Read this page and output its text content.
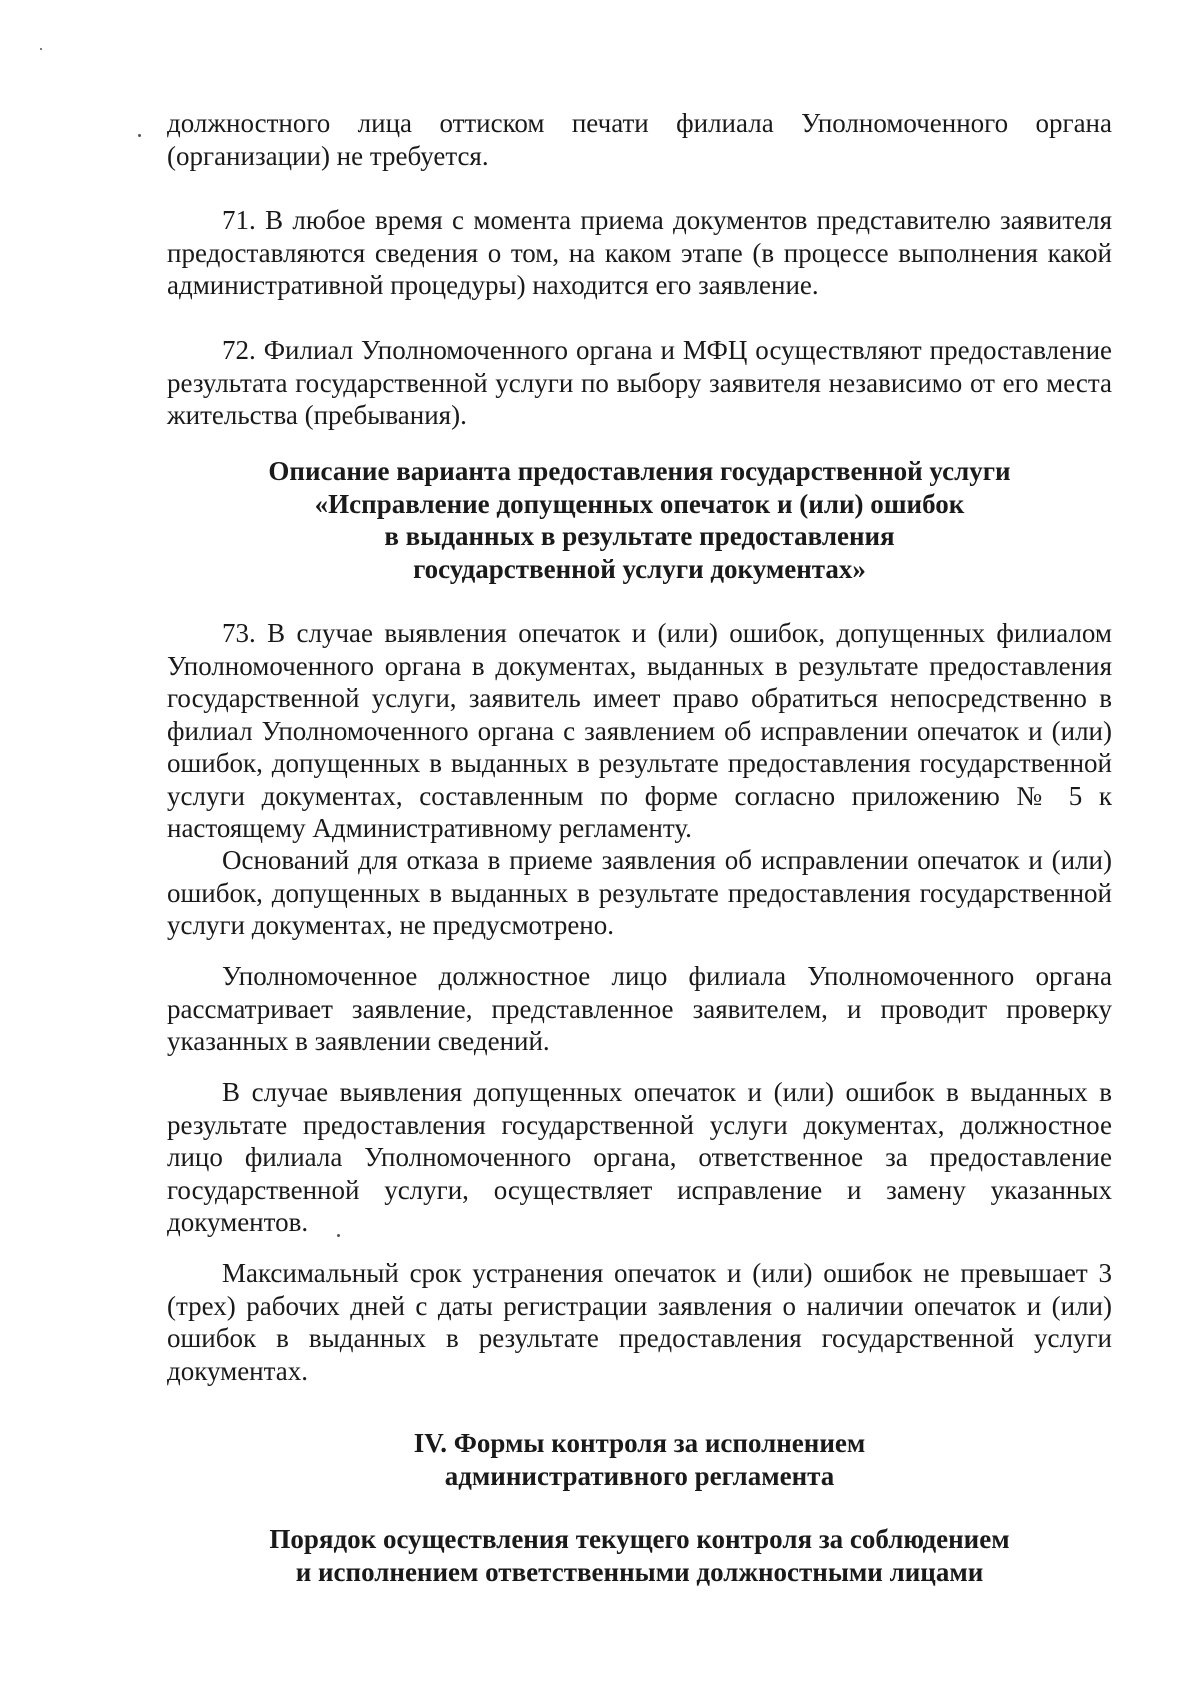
должностного лица оттиском печати филиала Уполномоченного органа (организации) не требуется.

71. В любое время с момента приема документов представителю заявителя предоставляются сведения о том, на каком этапе (в процессе выполнения какой административной процедуры) находится его заявление.

72. Филиал Уполномоченного органа и МФЦ осуществляют предоставление результата государственной услуги по выбору заявителя независимо от его места жительства (пребывания).

Описание варианта предоставления государственной услуги
«Исправление допущенных опечаток и (или) ошибок
в выданных в результате предоставления
государственной услуги документах»

73. В случае выявления опечаток и (или) ошибок, допущенных филиалом Уполномоченного органа в документах, выданных в результате предоставления государственной услуги, заявитель имеет право обратиться непосредственно в филиал Уполномоченного органа с заявлением об исправлении опечаток и (или) ошибок, допущенных в выданных в результате предоставления государственной услуги документах, составленным по форме согласно приложению № 5 к настоящему Административному регламенту.

Оснований для отказа в приеме заявления об исправлении опечаток и (или) ошибок, допущенных в выданных в результате предоставления государственной услуги документах, не предусмотрено.

Уполномоченное должностное лицо филиала Уполномоченного органа рассматривает заявление, представленное заявителем, и проводит проверку указанных в заявлении сведений.

В случае выявления допущенных опечаток и (или) ошибок в выданных в результате предоставления государственной услуги документах, должностное лицо филиала Уполномоченного органа, ответственное за предоставление государственной услуги, осуществляет исправление и замену указанных документов.

Максимальный срок устранения опечаток и (или) ошибок не превышает 3 (трех) рабочих дней с даты регистрации заявления о наличии опечаток и (или) ошибок в выданных в результате предоставления государственной услуги документах.

IV. Формы контроля за исполнением
административного регламента
Порядок осуществления текущего контроля за соблюдением
и исполнением ответственными должностными лицами
